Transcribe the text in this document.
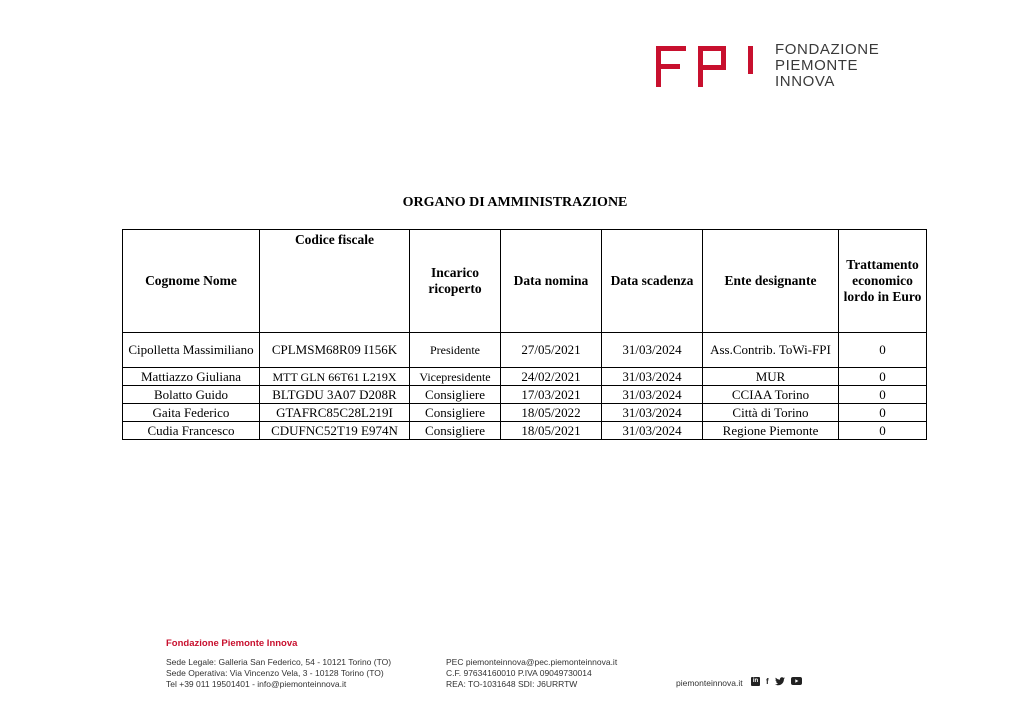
FONDAZIONE
PIEMONTE
INNOVA
ORGANO DI AMMINISTRAZIONE
Cognome Nome	Codice fiscale	Incarico ricoperto	Data nomina	Data scadenza	Ente designante	Trattamento economico lordo in Euro
Cipolletta Massimiliano	CPLMSM68R09 I156K	Presidente	27/05/2021	31/03/2024	Ass.Contrib. ToWi-FPI	0
Mattiazzo Giuliana	MTT GLN 66T61 L219X	Vicepresidente	24/02/2021	31/03/2024	MUR	0
Bolatto Guido	BLTGDU 3A07 D208R	Consigliere	17/03/2021	31/03/2024	CCIAA Torino	0
Gaita Federico	GTAFRC85C28L219I	Consigliere	18/05/2022	31/03/2024	Città di Torino	0
Cudia Francesco	CDUFNC52T19 E974N	Consigliere	18/05/2021	31/03/2024	Regione Piemonte	0
Fondazione Piemonte Innova
Sede Legale: Galleria San Federico, 54 - 10121 Torino (TO)
Sede Operativa: Via Vincenzo Vela, 3 - 10128 Torino (TO)
Tel +39 011 19501401 - info@piemonteinnova.it
PEC piemonteinnova@pec.piemonteinnova.it
C.F. 97634160010 P.IVA 09049730014
REA: TO-1031648 SDI: J6URRTW	piemonteinnova.it	in f
